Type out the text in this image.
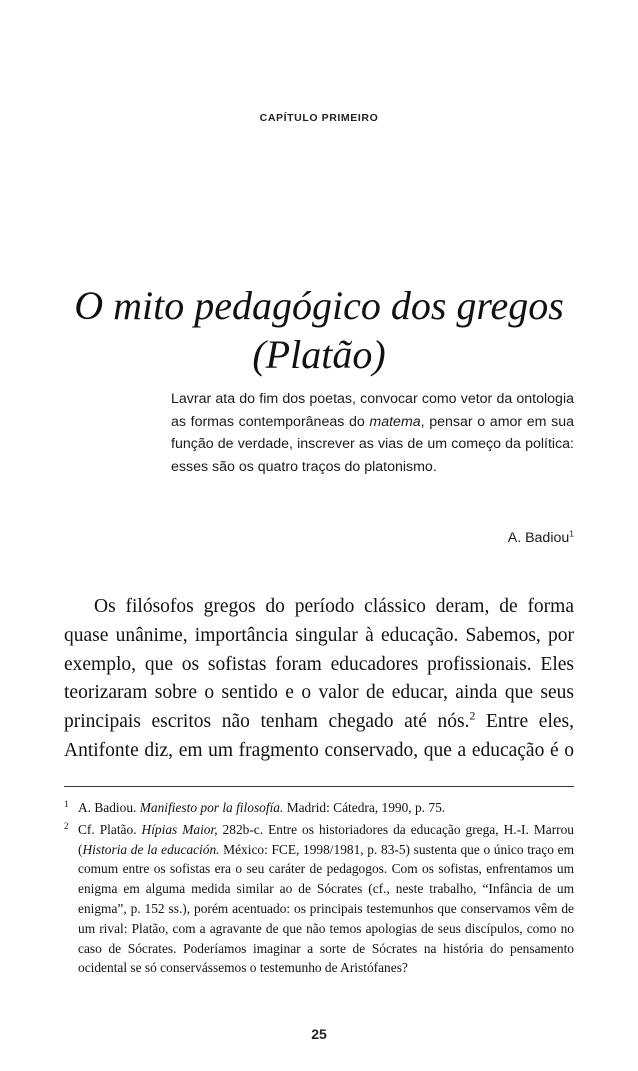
CAPÍTULO PRIMEIRO
O mito pedagógico dos gregos
(Platão)
Lavrar ata do fim dos poetas, convocar como vetor da ontologia as formas contemporâneas do matema, pensar o amor em sua função de verdade, inscrever as vias de um começo da política: esses são os quatro traços do platonismo.
A. Badiou$^1$
Os filósofos gregos do período clássico deram, de forma
quase unânime, importância singular à educação. Sabemos, por
exemplo, que os sofistas foram educadores profissionais. Eles
teorizaram sobre o sentido e o valor de educar, ainda que seus
principais escritos não tenham chegado até nós.$^2$ Entre eles,
Antifonte diz, em um fragmento conservado, que a educação é o
1 A. Badiou. Manifiesto por la filosofía. Madrid: Cátedra, 1990, p. 75.
2 Cf. Platão. Hípias Maior, 282b-c. Entre os historiadores da educação grega, H.-I. Marrou (Historia de la educación. México: FCE, 1998/1981, p. 83-5) sustenta que o único traço em comum entre os sofistas era o seu caráter de pedagogos. Com os sofistas, enfrentamos um enigma em alguma medida similar ao de Sócrates (cf., neste trabalho, “Infância de um enigma”, p. 152 ss.), porém acentuado: os principais testemunhos que conservamos vêm de um rival: Platão, com a agravante de que não temos apologias de seus discípulos, como no caso de Sócrates. Poderíamos imaginar a sorte de Sócrates na história do pensamento ocidental se só conservássemos o testemunho de Aristófanes?
25
